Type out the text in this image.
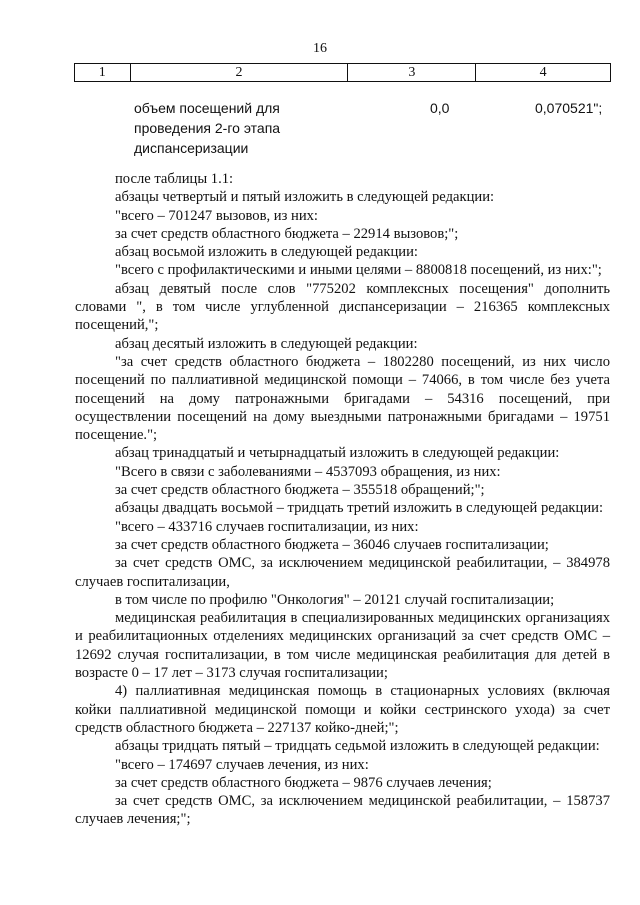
16
1	2	3	4
объем посещений для
проведения 2-го этапа
диспансеризации
0,0	0,070521";

после таблицы 1.1:

абзацы четвертый и пятый изложить в следующей редакции:

"всего – 701247 вызовов, из них:

за счет средств областного бюджета – 22914 вызовов;";

абзац восьмой изложить в следующей редакции:

"всего с профилактическими и иными целями – 8800818 посещений, из них:";

абзац девятый после слов "775202 комплексных посещения" дополнить словами ", в том числе углубленной диспансеризации – 216365 комплексных посещений,";

абзац десятый изложить в следующей редакции:

"за счет средств областного бюджета – 1802280 посещений, из них число посещений по паллиативной медицинской помощи – 74066, в том числе без учета посещений на дому патронажными бригадами – 54316 посещений, при осуществлении посещений на дому выездными патронажными бригадами – 19751 посещение.";

абзац тринадцатый и четырнадцатый изложить в следующей редакции:

"Всего в связи с заболеваниями – 4537093 обращения, из них:

за счет средств областного бюджета – 355518 обращений;";

абзацы двадцать восьмой – тридцать третий изложить в следующей редакции:

"всего – 433716 случаев госпитализации, из них:

за счет средств областного бюджета – 36046 случаев госпитализации;

за счет средств ОМС, за исключением медицинской реабилитации, – 384978 случаев госпитализации,

в том числе по профилю "Онкология" – 20121 случай госпитализации;

медицинская реабилитация в специализированных медицинских организациях и реабилитационных отделениях медицинских организаций за счет средств ОМС – 12692 случая госпитализации, в том числе медицинская реабилитация для детей в возрасте 0 – 17 лет – 3173 случая госпитализации;

4) паллиативная медицинская помощь в стационарных условиях (включая койки паллиативной медицинской помощи и койки сестринского ухода) за счет средств областного бюджета – 227137 койко-дней;";

абзацы тридцать пятый – тридцать седьмой изложить в следующей редакции:

"всего – 174697 случаев лечения, из них:

за счет средств областного бюджета – 9876 случаев лечения;

за счет средств ОМС, за исключением медицинской реабилитации, – 158737 случаев лечения;";
